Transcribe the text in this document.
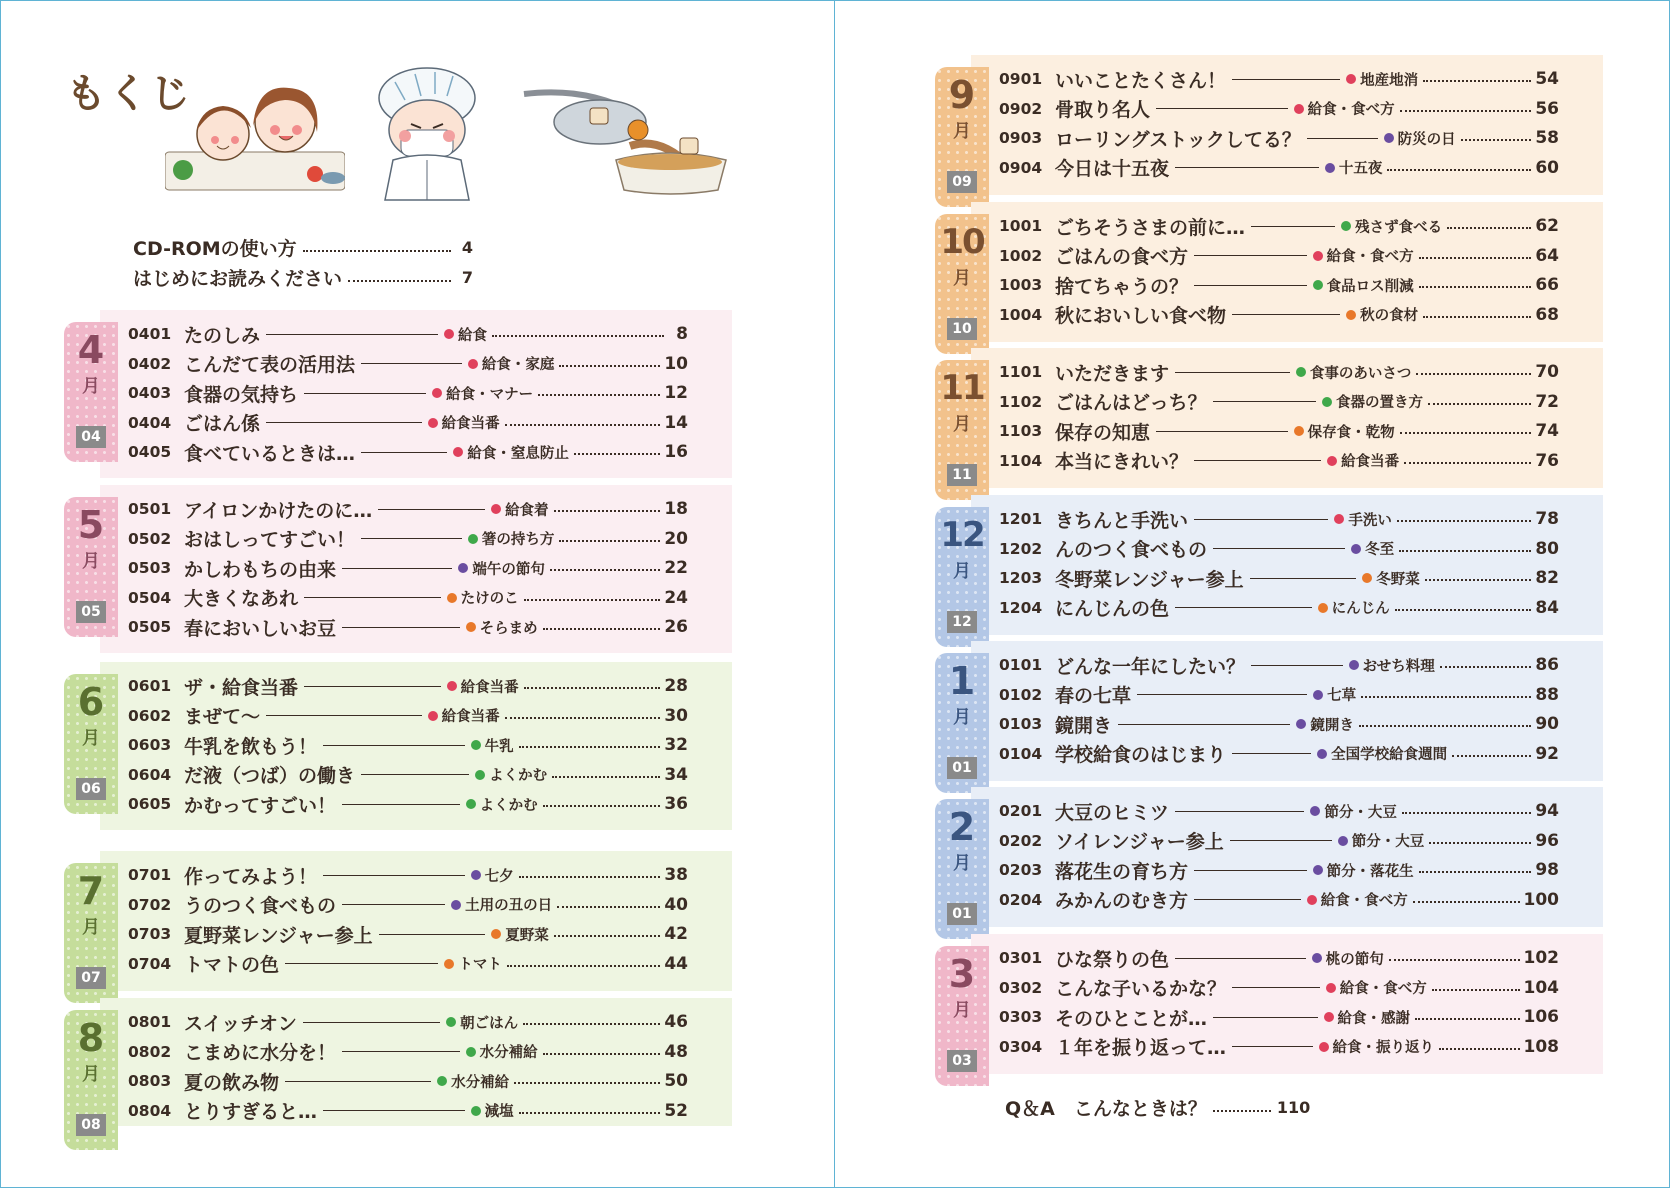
もくじ
CD-ROMの使い方	4
はじめにお読みください	7
4
月
04
0401 たのしみ	給食	8
0402 こんだて表の活用法	給食・家庭	10
0403 食器の気持ち	給食・マナー	12
0404 ごはん係	給食当番	14
0405 食べているときは…	給食・窒息防止	16
5
月
05
0501 アイロンかけたのに…	給食着	18
0502 おはしってすごい！	箸の持ち方	20
0503 かしわもちの由来	端午の節句	22
0504 大きくなあれ	たけのこ	24
0505 春においしいお豆	そらまめ	26
6
月
06
0601 ザ・給食当番	給食当番	28
0602 まぜて〜	給食当番	30
0603 牛乳を飲もう！	牛乳	32
0604 だ液（つば）の働き	よくかむ	34
0605 かむってすごい！	よくかむ	36
7
月
07
0701 作ってみよう！	七夕	38
0702 うのつく食べもの	土用の丑の日	40
0703 夏野菜レンジャー参上	夏野菜	42
0704 トマトの色	トマト	44
8
月
08
0801 スイッチオン	朝ごはん	46
0802 こまめに水分を！	水分補給	48
0803 夏の飲み物	水分補給	50
0804 とりすぎると…	減塩	52
9
月
09
0901 いいことたくさん！	地産地消	54
0902 骨取り名人	給食・食べ方	56
0903 ローリングストックしてる？	防災の日	58
0904 今日は十五夜	十五夜	60
10
月
10
1001 ごちそうさまの前に…	残さず食べる	62
1002 ごはんの食べ方	給食・食べ方	64
1003 捨てちゃうの？	食品ロス削減	66
1004 秋においしい食べ物	秋の食材	68
11
月
11
1101 いただきます	食事のあいさつ	70
1102 ごはんはどっち？	食器の置き方	72
1103 保存の知恵	保存食・乾物	74
1104 本当にきれい？	給食当番	76
12
月
12
1201 きちんと手洗い	手洗い	78
1202 んのつく食べもの	冬至	80
1203 冬野菜レンジャー参上	冬野菜	82
1204 にんじんの色	にんじん	84
1
月
01
0101 どんな一年にしたい？	おせち料理	86
0102 春の七草	七草	88
0103 鏡開き	鏡開き	90
0104 学校給食のはじまり	全国学校給食週間	92
2
月
01
0201 大豆のヒミツ	節分・大豆	94
0202 ソイレンジャー参上	節分・大豆	96
0203 落花生の育ち方	節分・落花生	98
0204 みかんのむき方	給食・食べ方	100
3
月
03
0301 ひな祭りの色	桃の節句	102
0302 こんな子いるかな？	給食・食べ方	104
0303 そのひとことが…	給食・感謝	106
0304 １年を振り返って…	給食・振り返り	108
Q＆A　こんなときは？	110
